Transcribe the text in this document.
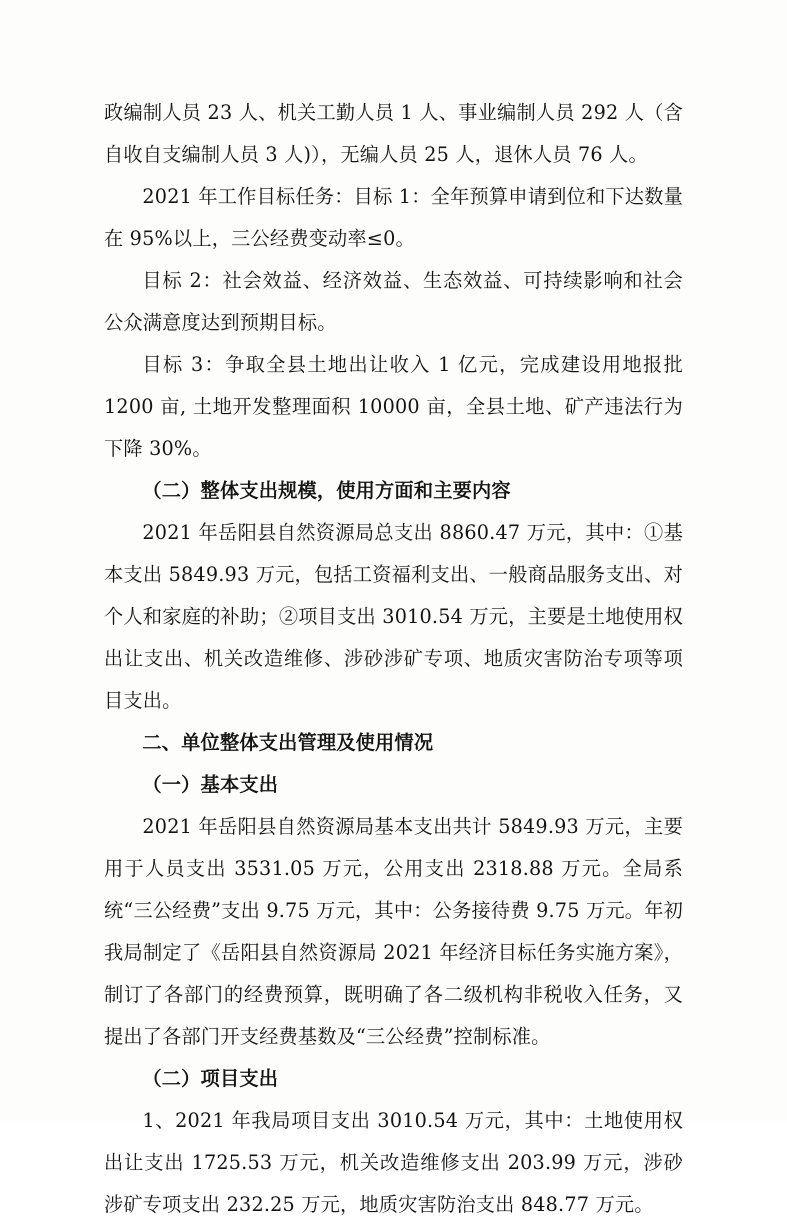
政编制人员 23 人、机关工勤人员 1 人、事业编制人员 292 人（含自收自支编制人员 3 人)），无编人员 25 人，退休人员 76 人。

2021 年工作目标任务：目标 1：全年预算申请到位和下达数量在 95%以上，三公经费变动率≤0。

目标 2：社会效益、经济效益、生态效益、可持续影响和社会公众满意度达到预期目标。

目标 3：争取全县土地出让收入 1 亿元，完成建设用地报批 1200 亩, 土地开发整理面积 10000 亩，全县土地、矿产违法行为下降 30%。

（二）整体支出规模，使用方面和主要内容

2021 年岳阳县自然资源局总支出 8860.47 万元，其中：①基本支出 5849.93 万元，包括工资福利支出、一般商品服务支出、对个人和家庭的补助；②项目支出 3010.54 万元，主要是土地使用权出让支出、机关改造维修、涉砂涉矿专项、地质灾害防治专项等项目支出。

二、单位整体支出管理及使用情况

（一）基本支出

2021 年岳阳县自然资源局基本支出共计 5849.93 万元，主要用于人员支出 3531.05 万元，公用支出 2318.88 万元。全局系统“三公经费”支出 9.75 万元，其中：公务接待费 9.75 万元。年初我局制定了《岳阳县自然资源局 2021 年经济目标任务实施方案》，制订了各部门的经费预算，既明确了各二级机构非税收入任务，又提出了各部门开支经费基数及“三公经费”控制标准。

（二）项目支出

1、2021 年我局项目支出 3010.54 万元，其中：土地使用权出让支出 1725.53 万元，机关改造维修支出 203.99 万元，涉砂涉矿专项支出 232.25 万元，地质灾害防治支出 848.77 万元。
